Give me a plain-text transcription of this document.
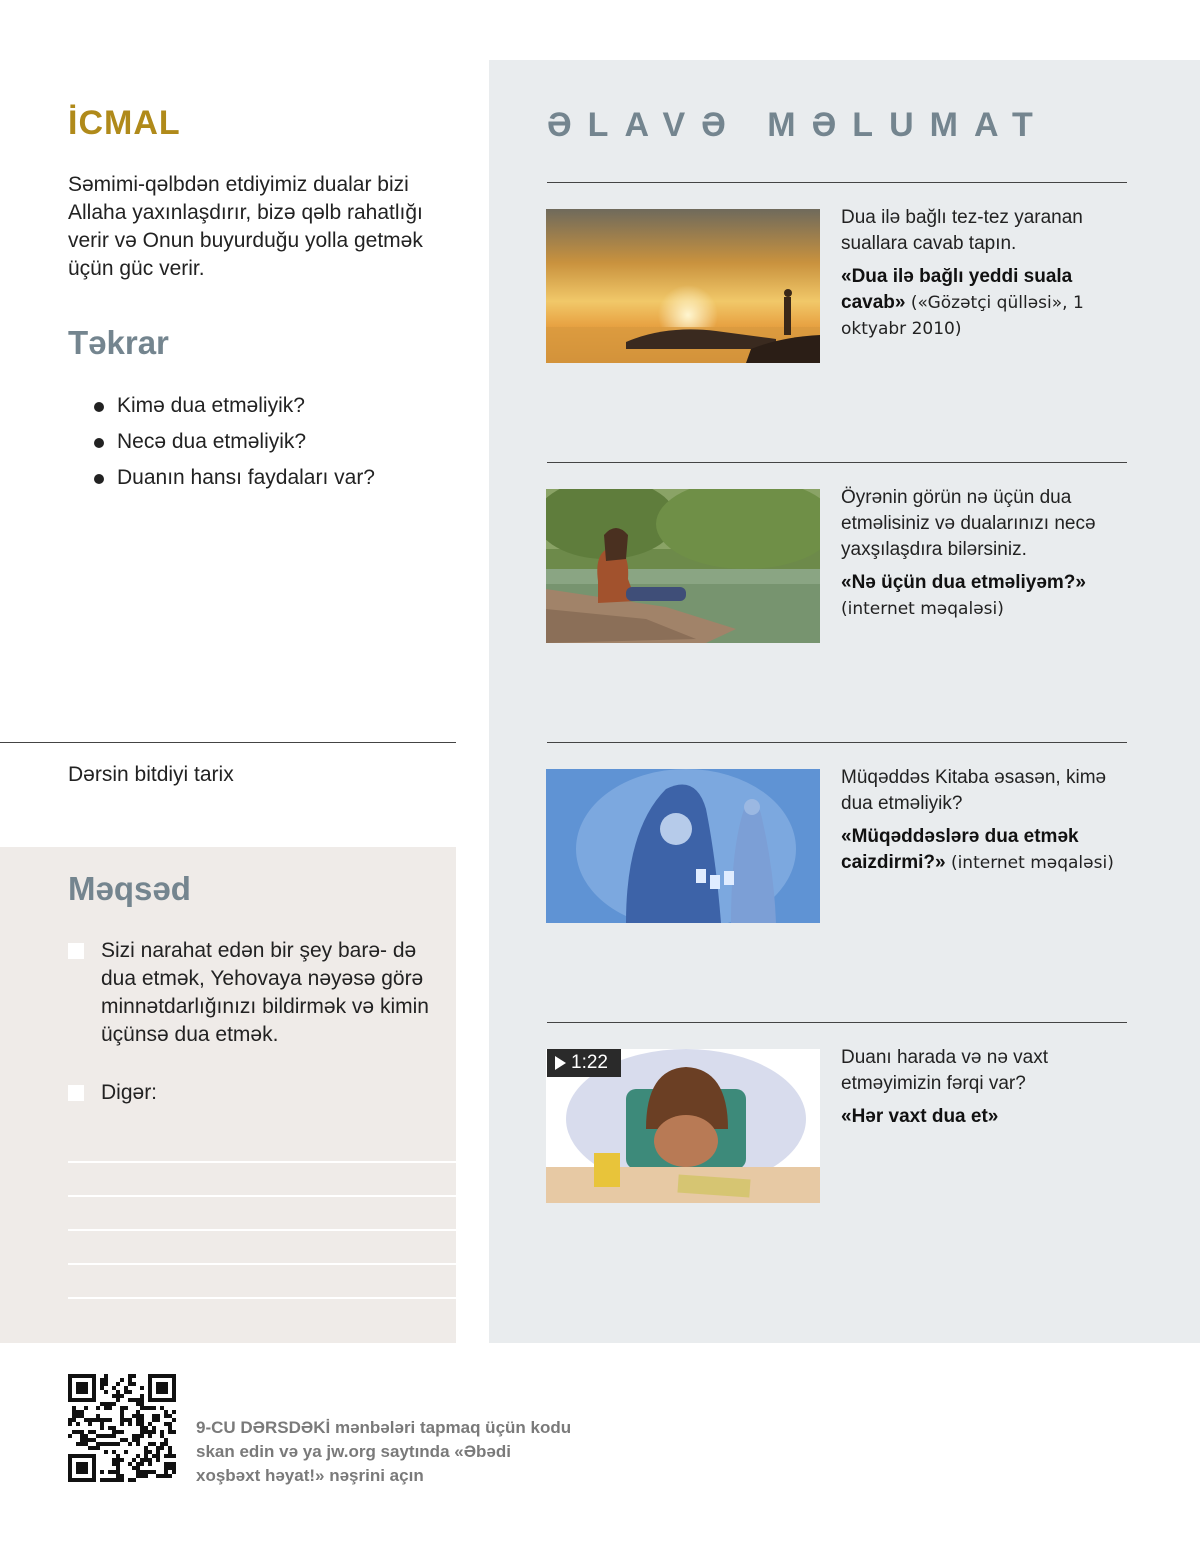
İCMAL
Səmimi-qəlbdən etdiyimiz dualar bizi Allaha yaxınlaşdırır, bizə qəlb rahatlığı verir və Onun buyurduğu yolla getmək üçün güc verir.
Təkrar
Kimə dua etməliyik?
Necə dua etməliyik?
Duanın hansı faydaları var?
Dərsin bitdiyi tarix
Məqsəd
Sizi narahat edən bir şey barə- də dua etmək, Yehovaya nəyəsə görə minnətdarlığınızı bildirmək və kimin üçünsə dua etmək.
Digər:
ƏLAVƏ MƏLUMAT
Dua ilə bağlı tez-tez yaranan suallara cavab tapın.
«Dua ilə bağlı yeddi suala cavab» («Gözətçi qülləsi», 1 oktyabr 2010)
Öyrənin görün nə üçün dua etməlisiniz və dualarınızı necə yaxşılaşdıra bilərsiniz.
«Nə üçün dua etməliyəm?» (internet məqaləsi)
Müqəddəs Kitaba əsasən, kimə dua etməliyik?
«Müqəddəslərə dua etmək caizdirmi?» (internet məqaləsi)
1:22	Duanı harada və nə vaxt etməyimizin fərqi var?
«Hər vaxt dua et»
9-CU DƏRSDƏKİ mənbələri tapmaq üçün kodu skan edin və ya jw.org saytında «Əbədi xoşbəxt həyat!» nəşrini açın
